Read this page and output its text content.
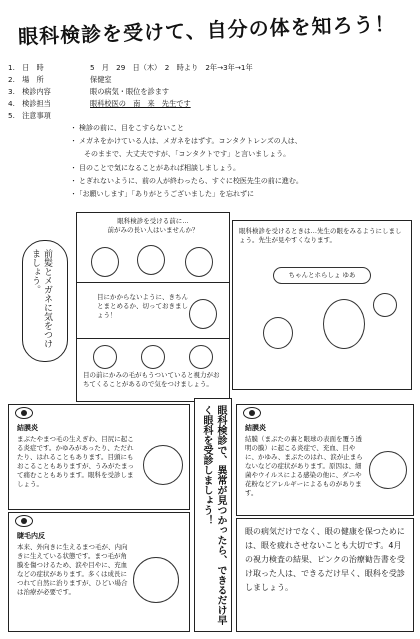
眼科検診を受けて、自分の体を知ろう！
1.　 日　時	5　月　29　日（木）　2　時より　2年→3年→1年
2.　 場　所	保健室
3.　 検診内容	眼の病気・眼位を診ます
4.　 検診担当	眼科校医の　南　来　先生です
5.　 注意事項
・ 検診の前に、目をこすらないこと
・ メガネをかけている人は、メガネをはずす。コンタクトレンズの人は、
そのままで、大丈夫ですが、「コンタクトです」と言いましょう。
・ 目のことで気になることがあれば相談しましょう。
・ とぎれないように、前の人が終わったら、すぐに校医先生の前に進む。
・ 「お願いします」「ありがとうございました」を忘れずに
前髪とメガネに気をつけましょう。
眼科検診を受ける前に…
前がみの長い人はいませんか？
目にかからないように、きちんとまとめるか、切っておきましょう！
目の前にかみの毛がもうついていると視力がおちてくることがあるので気をつけましょう。
眼科検診を受けるときは…先生の眼をみるようにしましょう。先生が見やすくなります。
ちゃんとホらしょ ゆあ
結膜炎

まぶたやまつ毛の生えぎわ、目尻に起こる炎症です。かゆみがあったり、ただれたり、はれることもあります。目頭にもおこることもありますが、うみがたまって痛むこともあります。眼科を受診しましょう。

睫毛内反

本来、外向きに生えるまつ毛が、内向きに生えている状態です。まつ毛が角膜を傷つけるため、涙や目やに、充血などの症状があります。多くは成長につれて自然に治りますが、ひどい場合は治療が必要です。	眼科検診で、異常が見つかったら、できるだけ早く眼科を受診しましょう！	結膜炎

結膜（まぶたの裏と眼球の表面を覆う透明の膜）に起こる炎症で、充血、目やに、かゆみ、まぶたのはれ、涙が止まらないなどの症状があります。原因は、細菌やウイルスによる感染の他に、ダニや花粉などアレルギーによるものがあります。

眼の病気だけでなく、眼の健康を保つためには、眼を疲れさせないことも大切です。4月の視力検査の結果、ピンクの治療勧告書を受け取った人は、できるだけ早く、眼科を受診しましょう。
